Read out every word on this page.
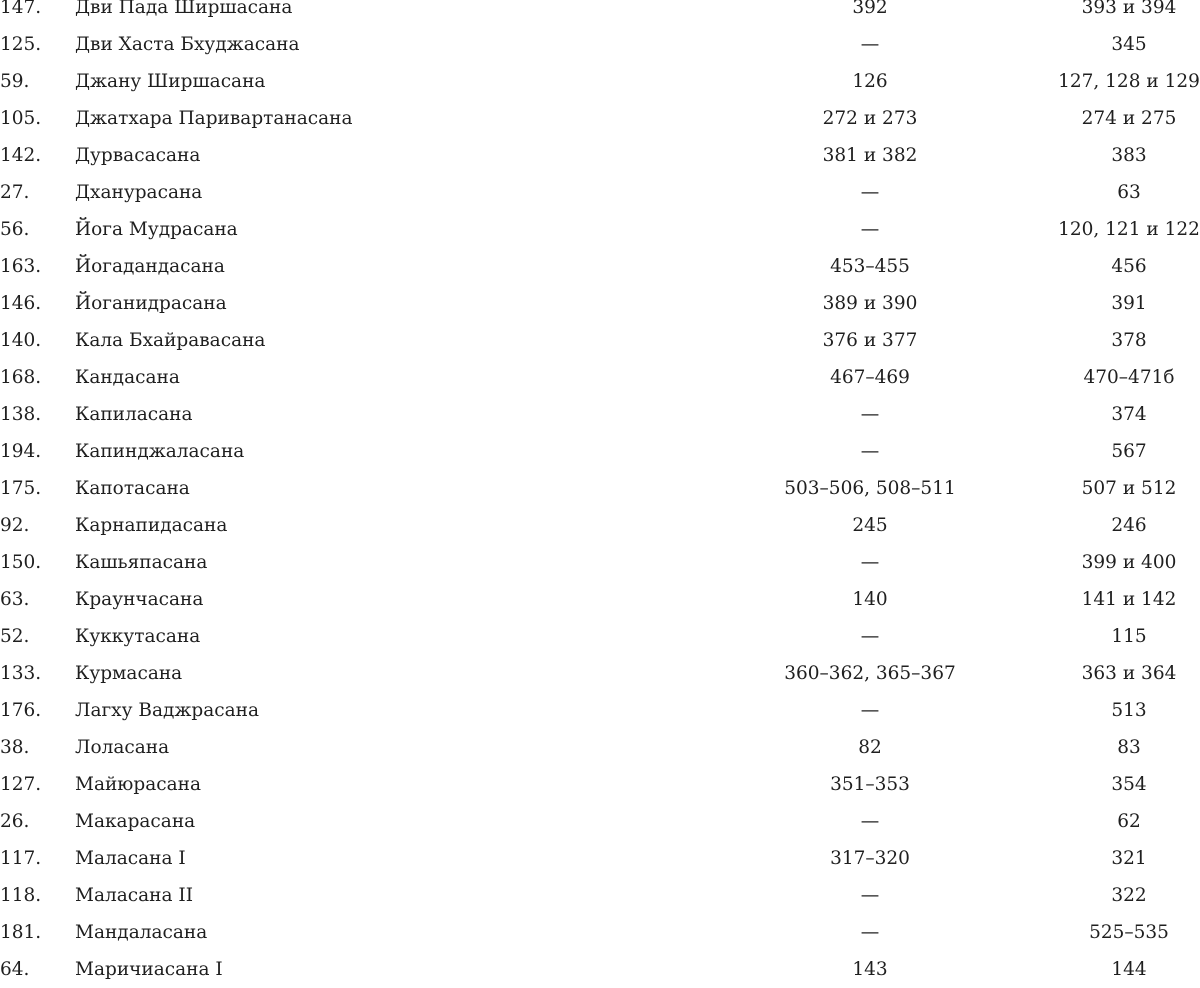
147.	Дви Пада Ширшасана	392	393 и 394
125.	Дви Хаста Бхуджасана	—	345
59.	Джану Ширшасана	126	127, 128 и 129
105.	Джатхара Паривартанасана	272 и 273	274 и 275
142.	Дурвасасана	381 и 382	383
27.	Дханурасана	—	63
56.	Йога Мудрасана	—	120, 121 и 122
163.	Йогадандасана	453–455	456
146.	Йоганидрасана	389 и 390	391
140.	Кала Бхайравасана	376 и 377	378
168.	Кандасана	467–469	470–471б
138.	Капиласана	—	374
194.	Капинджаласана	—	567
175.	Капотасана	503–506, 508–511	507 и 512
92.	Карнапидасана	245	246
150.	Кашьяпасана	—	399 и 400
63.	Краунчасана	140	141 и 142
52.	Куккутасана	—	115
133.	Курмасана	360–362, 365–367	363 и 364
176.	Лагху Ваджрасана	—	513
38.	Лоласана	82	83
127.	Майюрасана	351–353	354
26.	Макарасана	—	62
117.	Маласана I	317–320	321
118.	Маласана II	—	322
181.	Мандаласана	—	525–535
64.	Маричиасана I	143	144
